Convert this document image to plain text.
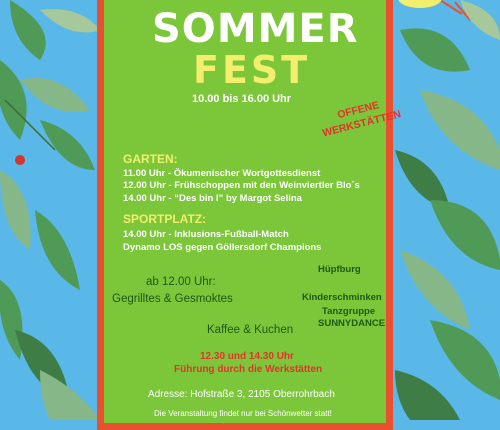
SOMMER
FEST
10.00 bis 16.00 Uhr
OFFENE WERKSTÄTTEN
GARTEN:
11.00 Uhr - Ökumenischer Wortgottesdienst
12.00 Uhr - Frühschoppen mit den Weinviertler Blo´s
14.00 Uhr - “Des bin I” by Margot Selina
SPORTPLATZ:
14.00 Uhr - Inklusions-Fußball-Match
Dynamo LOS gegen Göllersdorf Champions
ab 12.00 Uhr:
Gegrilltes & Gesmoktes
Hüpfburg
Kinderschminken
Tanzgruppe
SUNNYDANCE
Kaffee & Kuchen
12.30 und 14.30 Uhr
Führung durch die Werkstätten
Adresse: Hofstraße 3, 2105 Oberrohrbach
Die Veranstaltung findet nur bei Schönwetter statt!
